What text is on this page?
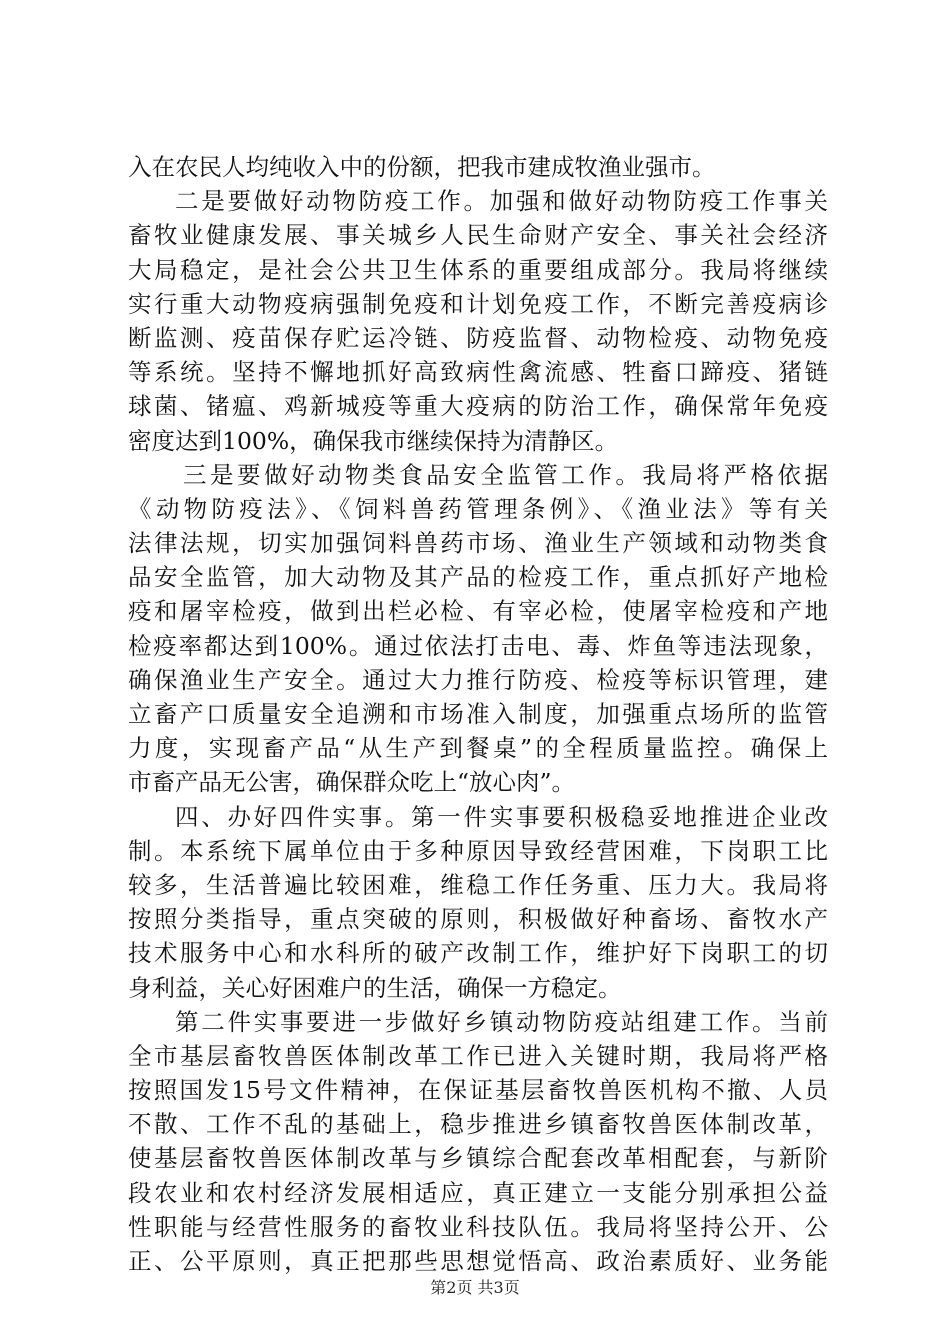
入在农民人均纯收入中的份额，把我市建成牧渔业强市。
二是要做好动物防疫工作。加强和做好动物防疫工作事关
畜牧业健康发展、事关城乡人民生命财产安全、事关社会经济
大局稳定，是社会公共卫生体系的重要组成部分。我局将继续
实行重大动物疫病强制免疫和计划免疫工作，不断完善疫病诊
断监测、疫苗保存贮运冷链、防疫监督、动物检疫、动物免疫
等系统。坚持不懈地抓好高致病性禽流感、牲畜口蹄疫、猪链
球菌、锗瘟、鸡新城疫等重大疫病的防治工作，确保常年免疫
密度达到100%，确保我市继续保持为清静区。
三是要做好动物类食品安全监管工作。我局将严格依据
《动物防疫法》、《饲料兽药管理条例》、《渔业法》等有关
法律法规，切实加强饲料兽药市场、渔业生产领域和动物类食
品安全监管，加大动物及其产品的检疫工作，重点抓好产地检
疫和屠宰检疫，做到出栏必检、有宰必检，使屠宰检疫和产地
检疫率都达到100%。通过依法打击电、毒、炸鱼等违法现象，
确保渔业生产安全。通过大力推行防疫、检疫等标识管理，建
立畜产口质量安全追溯和市场准入制度，加强重点场所的监管
力度，实现畜产品“从生产到餐桌”的全程质量监控。确保上
市畜产品无公害，确保群众吃上“放心肉”。
四、办好四件实事。第一件实事要积极稳妥地推进企业改
制。本系统下属单位由于多种原因导致经营困难，下岗职工比
较多，生活普遍比较困难，维稳工作任务重、压力大。我局将
按照分类指导，重点突破的原则，积极做好种畜场、畜牧水产
技术服务中心和水科所的破产改制工作，维护好下岗职工的切
身利益，关心好困难户的生活，确保一方稳定。
第二件实事要进一步做好乡镇动物防疫站组建工作。当前
全市基层畜牧兽医体制改革工作已进入关键时期，我局将严格
按照国发15号文件精神，在保证基层畜牧兽医机构不撤、人员
不散、工作不乱的基础上，稳步推进乡镇畜牧兽医体制改革，
使基层畜牧兽医体制改革与乡镇综合配套改革相配套，与新阶
段农业和农村经济发展相适应，真正建立一支能分别承担公益
性职能与经营性服务的畜牧业科技队伍。我局将坚持公开、公
正、公平原则，真正把那些思想觉悟高、政治素质好、业务能
第2页 共3页
